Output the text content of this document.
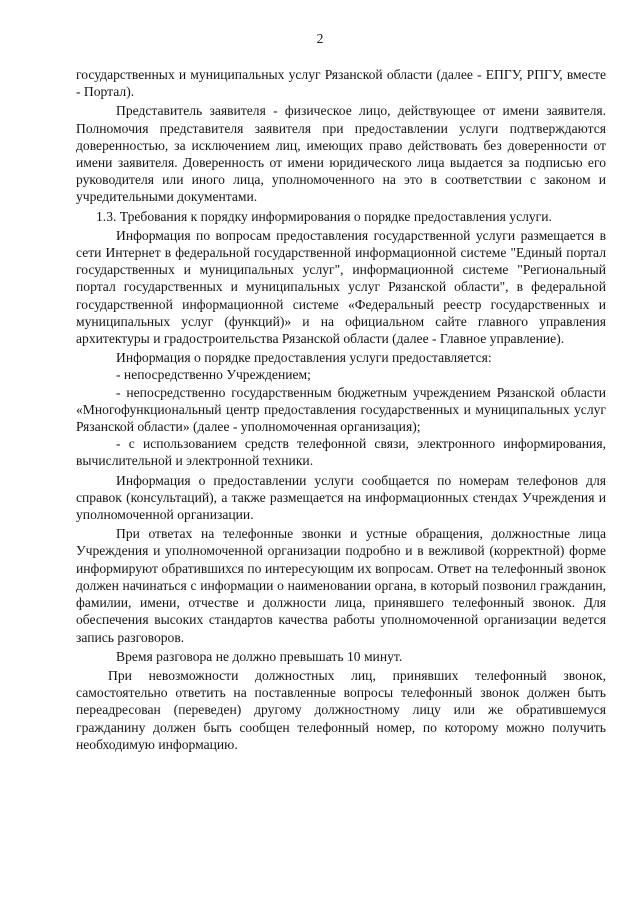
2

государственных и муниципальных услуг Рязанской области (далее - ЕПГУ, РПГУ, вместе - Портал).

Представитель заявителя - физическое лицо, действующее от имени заявителя. Полномочия представителя заявителя при предоставлении услуги подтверждаются доверенностью, за исключением лиц, имеющих право действовать без доверенности от имени заявителя. Доверенность от имени юридического лица выдается за подписью его руководителя или иного лица, уполномоченного на это в соответствии с законом и учредительными документами.

1.3. Требования к порядку информирования о порядке предоставления услуги.

Информация по вопросам предоставления государственной услуги размещается в сети Интернет в федеральной государственной информационной системе "Единый портал государственных и муниципальных услуг", информационной системе "Региональный портал государственных и муниципальных услуг Рязанской области", в федеральной государственной информационной системе «Федеральный реестр государственных и муниципальных услуг (функций)» и на официальном сайте главного управления архитектуры и градостроительства Рязанской области (далее - Главное управление).

Информация о порядке предоставления услуги предоставляется:

- непосредственно Учреждением;

- непосредственно государственным бюджетным учреждением Рязанской области «Многофункциональный центр предоставления государственных и муниципальных услуг Рязанской области» (далее - уполномоченная организация);

- с использованием средств телефонной связи, электронного информирования, вычислительной и электронной техники.

Информация о предоставлении услуги сообщается по номерам телефонов для справок (консультаций), а также размещается на информационных стендах Учреждения и уполномоченной организации.

При ответах на телефонные звонки и устные обращения, должностные лица Учреждения и уполномоченной организации подробно и в вежливой (корректной) форме информируют обратившихся по интересующим их вопросам. Ответ на телефонный звонок должен начинаться с информации о наименовании органа, в который позвонил гражданин, фамилии, имени, отчестве и должности лица, принявшего телефонный звонок. Для обеспечения высоких стандартов качества работы уполномоченной организации ведется запись разговоров.

Время разговора не должно превышать 10 минут.

При невозможности должностных лиц, принявших телефонный звонок, самостоятельно ответить на поставленные вопросы телефонный звонок должен быть переадресован (переведен) другому должностному лицу или же обратившемуся гражданину должен быть сообщен телефонный номер, по которому можно получить необходимую информацию.
